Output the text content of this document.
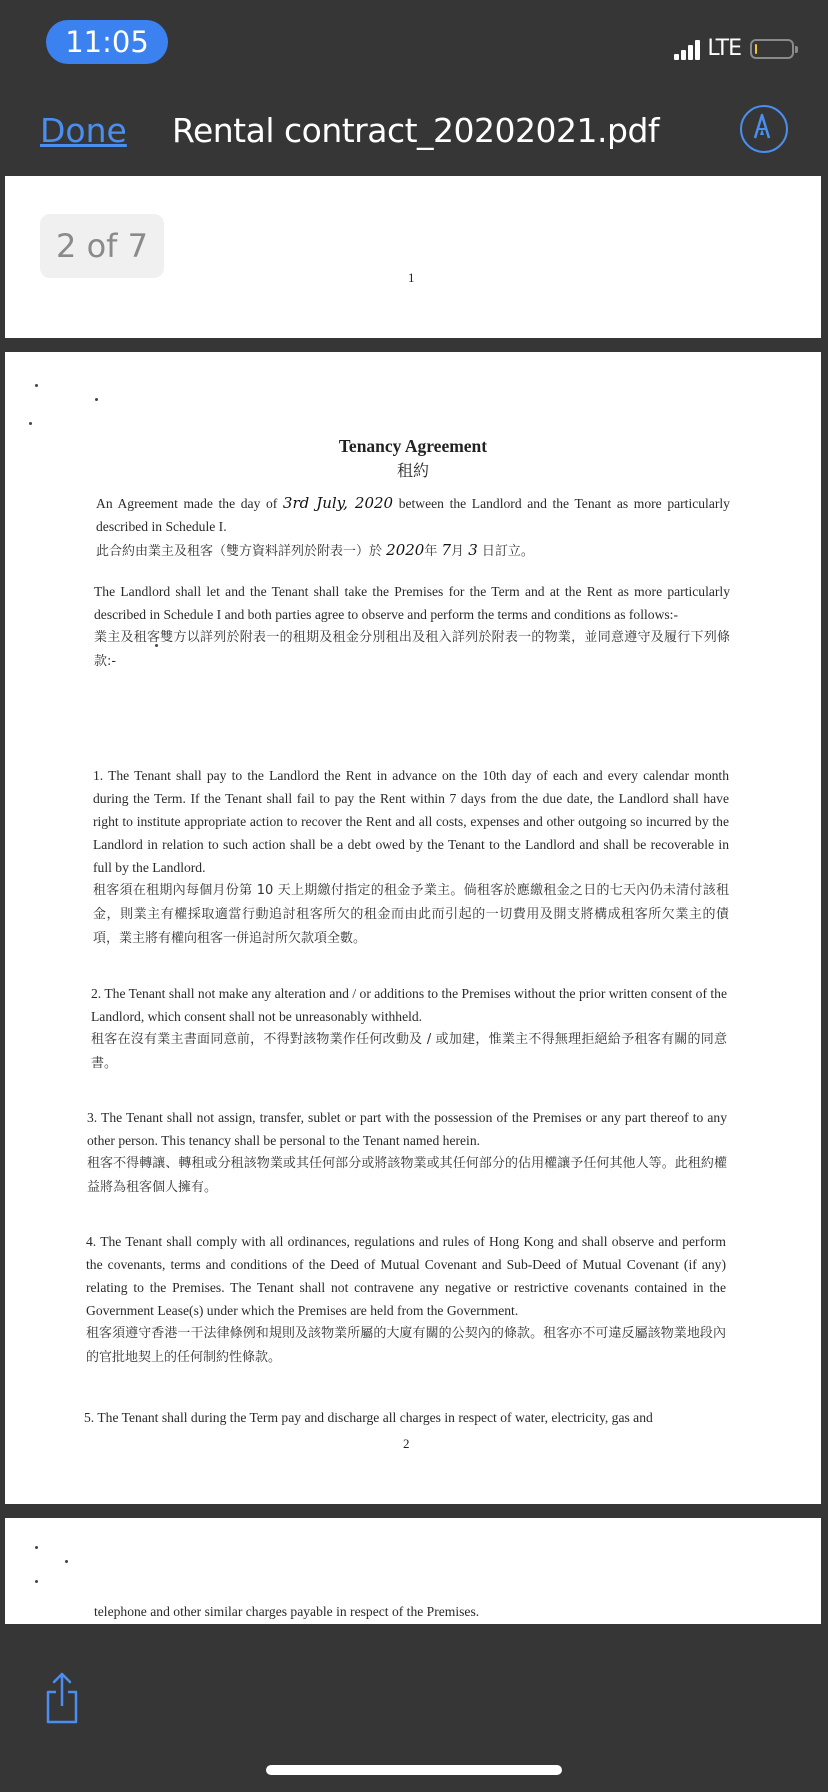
11:05	LTE
Done Rental contract_20202021.pdf
1
2 of 7
Tenancy Agreement
租約

An Agreement made the day of 3rd July, 2020 between the Landlord and the Tenant as more particularly described in Schedule I.

此合約由業主及租客（雙方資料詳列於附表一）於 2020年 7月 3 日訂立。

The Landlord shall let and the Tenant shall take the Premises for the Term and at the Rent as more particularly described in Schedule I and both parties agree to observe and perform the terms and conditions as follows:-

業主及租客雙方以詳列於附表一的租期及租金分別租出及租入詳列於附表一的物業，並同意遵守及履行下列條款:-

1. The Tenant shall pay to the Landlord the Rent in advance on the 10th day of each and every calendar month during the Term. If the Tenant shall fail to pay the Rent within 7 days from the due date, the Landlord shall have right to institute appropriate action to recover the Rent and all costs, expenses and other outgoing so incurred by the Landlord in relation to such action shall be a debt owed by the Tenant to the Landlord and shall be recoverable in full by the Landlord.

租客須在租期內每個月份第 10 天上期繳付指定的租金予業主。倘租客於應繳租金之日的七天內仍未清付該租金，則業主有權採取適當行動追討租客所欠的租金而由此而引起的一切費用及開支將構成租客所欠業主的債項，業主將有權向租客一併追討所欠款項全數。

2. The Tenant shall not make any alteration and / or additions to the Premises without the prior written consent of the Landlord, which consent shall not be unreasonably withheld.

租客在沒有業主書面同意前，不得對該物業作任何改動及 / 或加建，惟業主不得無理拒絕給予租客有關的同意書。

3. The Tenant shall not assign, transfer, sublet or part with the possession of the Premises or any part thereof to any other person. This tenancy shall be personal to the Tenant named herein.

租客不得轉讓、轉租或分租該物業或其任何部分或將該物業或其任何部分的佔用權讓予任何其他人等。此租約權益將為租客個人擁有。

4. The Tenant shall comply with all ordinances, regulations and rules of Hong Kong and shall observe and perform the covenants, terms and conditions of the Deed of Mutual Covenant and Sub-Deed of Mutual Covenant (if any) relating to the Premises. The Tenant shall not contravene any negative or restrictive covenants contained in the Government Lease(s) under which the Premises are held from the Government.

租客須遵守香港一干法律條例和規則及該物業所屬的大廈有關的公契內的條款。租客亦不可違反屬該物業地段內的官批地契上的任何制約性條款。

5. The Tenant shall during the Term pay and discharge all charges in respect of water, electricity, gas and

2
telephone and other similar charges payable in respect of the Premises.
